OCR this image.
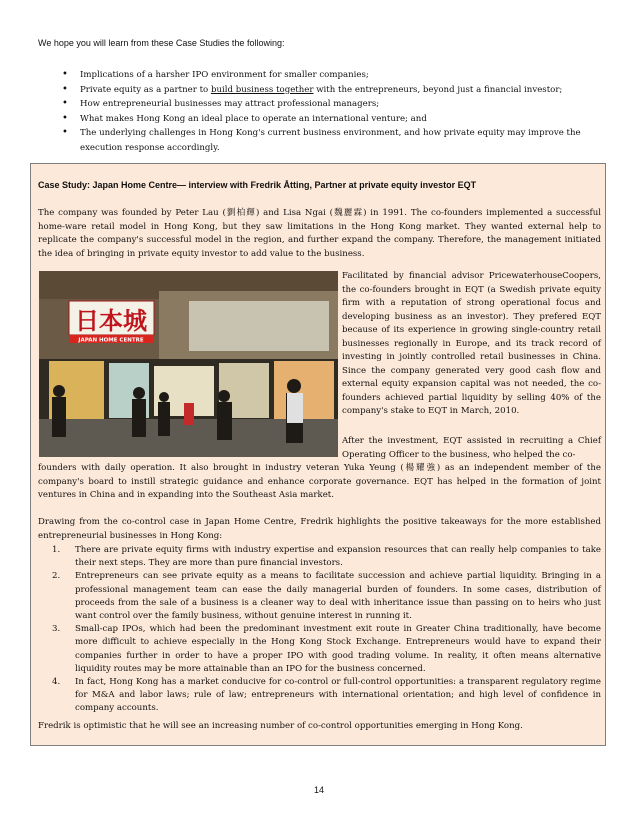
We hope you will learn from these Case Studies the following:
• Implications of a harsher IPO environment for smaller companies;
• Private equity as a partner to build business together with the entrepreneurs, beyond just a financial investor;
• How entrepreneurial businesses may attract professional managers;
• What makes Hong Kong an ideal place to operate an international venture; and
• The underlying challenges in Hong Kong's current business environment, and how private equity may improve the execution response accordingly.
Case Study: Japan Home Centre— interview with Fredrik Åtting, Partner at private equity investor EQT
The company was founded by Peter Lau (劉柏輝) and Lisa Ngai (魏麗霖) in 1991. The co-founders implemented a successful home-ware retail model in Hong Kong, but they saw limitations in the Hong Kong market. They wanted external help to replicate the company's successful model in the region, and further expand the company. Therefore, the management initiated the idea of bringing in private equity investor to add value to the business.
日本城
JAPAN HOME CENTRE
Facilitated by financial advisor PricewaterhouseCoopers, the co-founders brought in EQT (a Swedish private equity firm with a reputation of strong operational focus and developing business as an investor). They prefered EQT because of its experience in growing single-country retail businesses regionally in Europe, and its track record of investing in jointly controlled retail businesses in China. Since the company generated very good cash flow and external equity expansion capital was not needed, the co-founders achieved partial liquidity by selling 40% of the company's stake to EQT in March, 2010.
After the investment, EQT assisted in recruiting a Chief Operating Officer to the business, who helped the co-
founders with daily operation. It also brought in industry veteran Yuka Yeung (楊耀強) as an independent member of the company's board to instill strategic guidance and enhance corporate governance. EQT has helped in the formation of joint ventures in China and in expanding into the Southeast Asia market.
Drawing from the co-control case in Japan Home Centre, Fredrik highlights the positive takeaways for the more established entrepreneurial businesses in Hong Kong:
1. There are private equity firms with industry expertise and expansion resources that can really help companies to take their next steps. They are more than pure financial investors.
2. Entrepreneurs can see private equity as a means to facilitate succession and achieve partial liquidity. Bringing in a professional management team can ease the daily managerial burden of founders. In some cases, distribution of proceeds from the sale of a business is a cleaner way to deal with inheritance issue than passing on to heirs who just want control over the family business, without genuine interest in running it.
3. Small-cap IPOs, which had been the predominant investment exit route in Greater China traditionally, have become more difficult to achieve especially in the Hong Kong Stock Exchange. Entrepreneurs would have to expand their companies further in order to have a proper IPO with good trading volume. In reality, it often means alternative liquidity routes may be more attainable than an IPO for the business concerned.
4. In fact, Hong Kong has a market conducive for co-control or full-control opportunities: a transparent regulatory regime for M&A and labor laws; rule of law; entrepreneurs with international orientation; and high level of confidence in company accounts.
Fredrik is optimistic that he will see an increasing number of co-control opportunities emerging in Hong Kong.
14
